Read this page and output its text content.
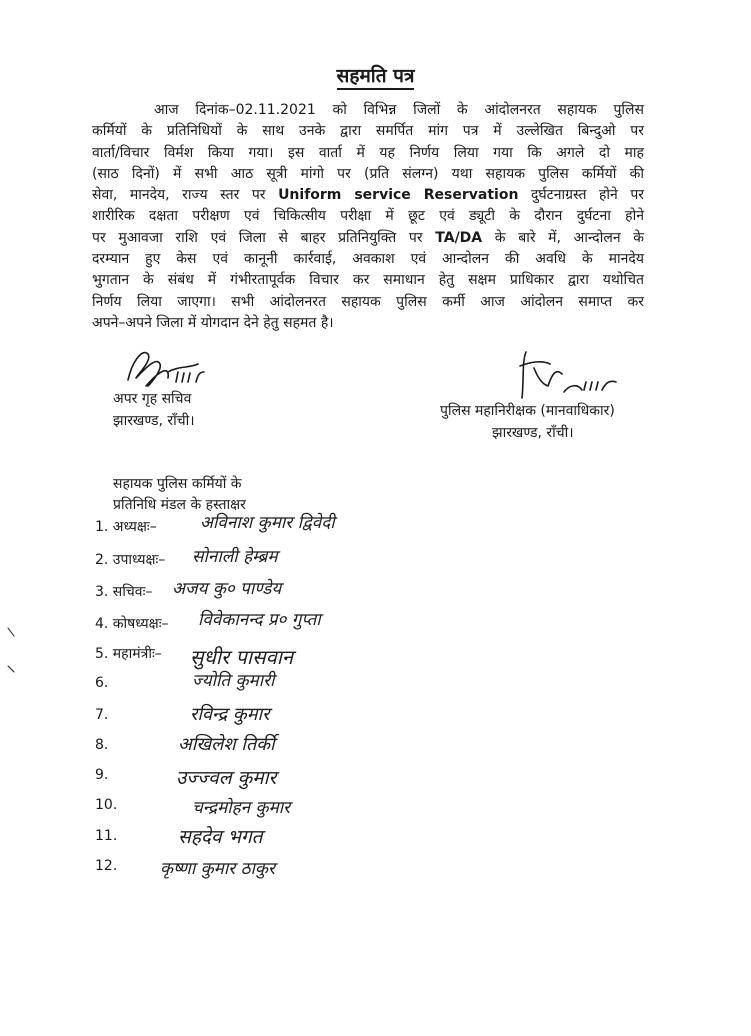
सहमति पत्र
आज दिनांक–02.11.2021 को विभिन्न जिलों के आंदोलनरत सहायक पुलिस
कर्मियों के प्रतिनिधियों के साथ उनके द्वारा समर्पित मांग पत्र में उल्लेखित बिन्दुओ पर
वार्ता/विचार विर्मश किया गया। इस वार्ता में यह निर्णय लिया गया कि अगले दो माह
(साठ दिनों) में सभी आठ सूत्री मांगो पर (प्रति संलग्न) यथा सहायक पुलिस कर्मियों की
सेवा, मानदेय, राज्य स्तर पर Uniform service Reservation दुर्घटनाग्रस्त होने पर
शारीरिक दक्षता परीक्षण एवं चिकित्सीय परीक्षा में छूट एवं ड्यूटी के दौरान दुर्घटना होने
पर मुआवजा राशि एवं जिला से बाहर प्रतिनियुक्ति पर TA/DA के बारे में, आन्दोलन के
दरम्यान हुए केस एवं कानूनी कार्रवाई, अवकाश एवं आन्दोलन की अवधि के मानदेय
भुगतान के संबंध में गंभीरतापूर्वक विचार कर समाधान हेतु सक्षम प्राधिकार द्वारा यथोचित
निर्णय लिया जाएगा। सभी आंदोलनरत सहायक पुलिस कर्मी आज आंदोलन समाप्त कर
अपने–अपने जिला में योगदान देने हेतु सहमत है।
अपर गृह सचिव
झारखण्ड, राँची।
पुलिस महानिरीक्षक (मानवाधिकार)
झारखण्ड, राँची।
सहायक पुलिस कर्मियों के
प्रतिनिधि मंडल के हस्ताक्षर
1. अध्यक्षः–	अविनाश कुमार द्विवेदी
2. उपाध्यक्षः– सोनाली हेम्ब्रम
3. सचिवः– अजय कु० पाण्डेय
4. कोषध्यक्षः– विवेकानन्द प्र० गुप्ता
5. महामंत्रीः– सुधीर पासवान
6.	ज्योति कुमारी
7.	रविन्द्र कुमार
8.	अखिलेश तिर्की
9.	उज्ज्वल कुमार
10.	चन्द्रमोहन कुमार
11.	सहदेव भगत
12.	कृष्णा कुमार ठाकुर
